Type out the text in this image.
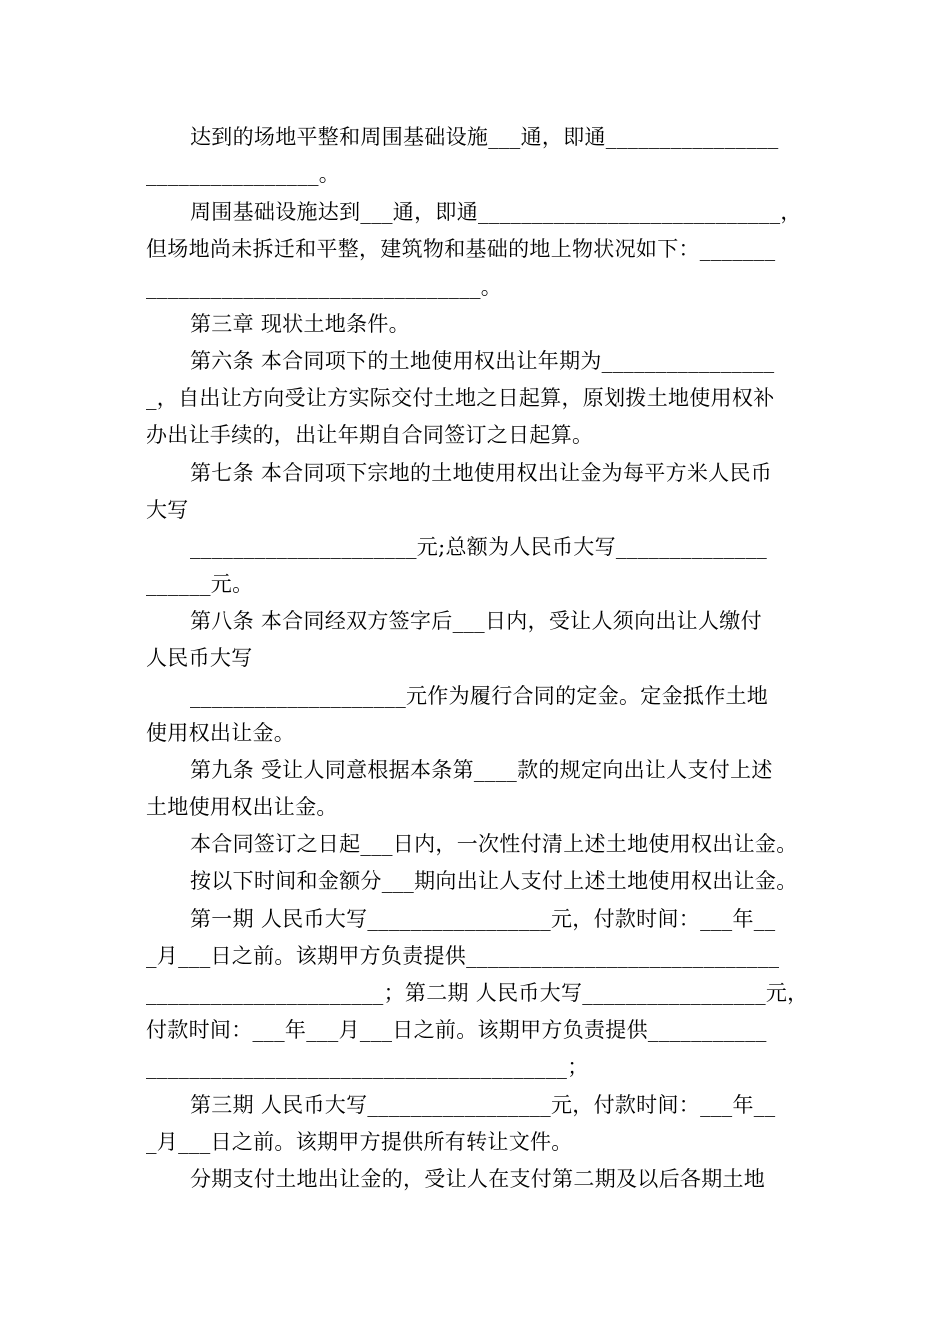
达到的场地平整和周围基础设施___通，即通________________
________________。
周围基础设施达到___通，即通____________________________，
但场地尚未拆迁和平整，建筑物和基础的地上物状况如下：_______
_______________________________。
第三章 现状土地条件。
第六条 本合同项下的土地使用权出让年期为________________
_，自出让方向受让方实际交付土地之日起算，原划拨土地使用权补
办出让手续的，出让年期自合同签订之日起算。
第七条 本合同项下宗地的土地使用权出让金为每平方米人民币
大写
_____________________元;总额为人民币大写______________
______元。
第八条 本合同经双方签字后___日内，受让人须向出让人缴付
人民币大写
____________________元作为履行合同的定金。定金抵作土地
使用权出让金。
第九条 受让人同意根据本条第____款的规定向出让人支付上述
土地使用权出让金。
本合同签订之日起___日内，一次性付清上述土地使用权出让金。
按以下时间和金额分___期向出让人支付上述土地使用权出让金。
第一期 人民币大写_________________元，付款时间：___年__
_月___日之前。该期甲方负责提供_____________________________
______________________；第二期 人民币大写_________________元，
付款时间：___年___月___日之前。该期甲方负责提供___________
_______________________________________；
第三期 人民币大写_________________元，付款时间：___年__
_月___日之前。该期甲方提供所有转让文件。
分期支付土地出让金的，受让人在支付第二期及以后各期土地
